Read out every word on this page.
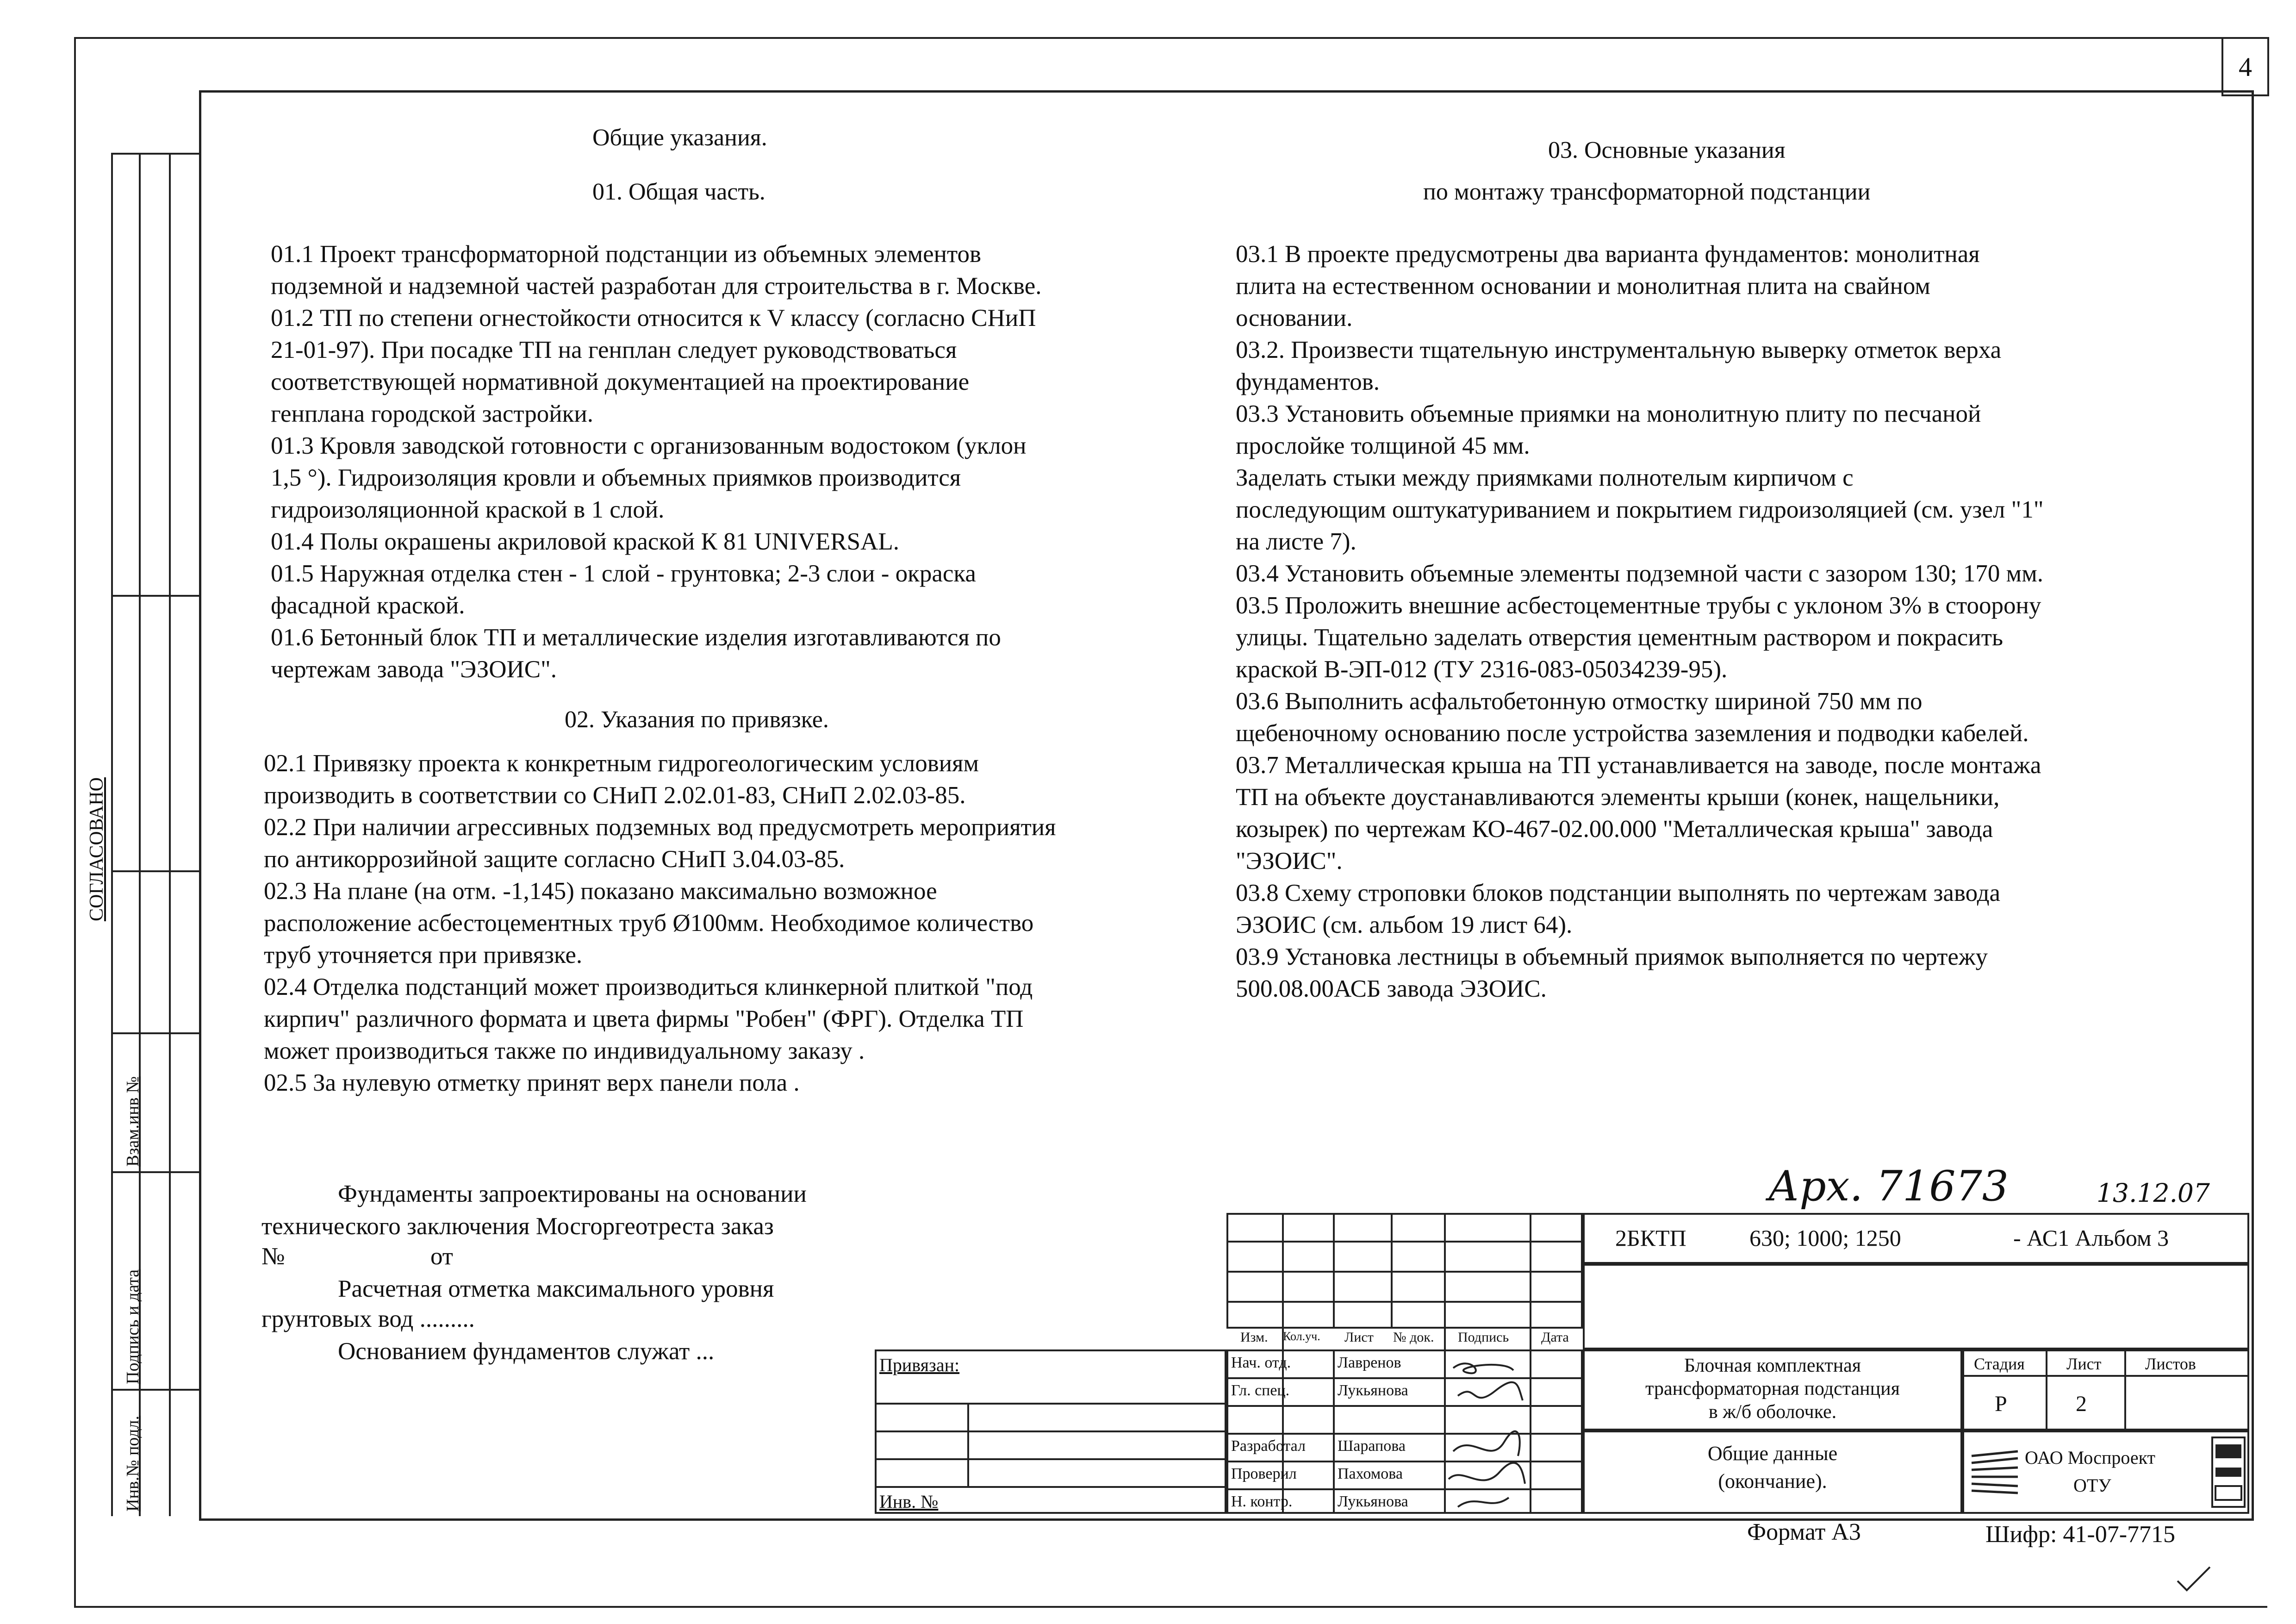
4
СОГЛАСОВАНО
Взам.инв №
Подпись и дата
Инв.№ подл.
Общие указания.
01. Общая часть.
01.1 Проект трансформаторной подстанции из объемных элементов
подземной и надземной частей разработан для строительства в г. Москве.
01.2 ТП по степени огнестойкости относится к V классу (согласно СНиП
21-01-97). При посадке ТП на генплан следует руководствоваться
соответствующей нормативной документацией на проектирование
генплана городской застройки.
01.3 Кровля заводской готовности с организованным водостоком (уклон
1,5 °). Гидроизоляция кровли и объемных приямков производится
гидроизоляционной краской в 1 слой.
01.4 Полы окрашены акриловой краской К 81 UNIVERSAL.
01.5 Наружная отделка стен - 1 слой - грунтовка; 2-3 слои - окраска
фасадной краской.
01.6 Бетонный блок ТП и металлические изделия изготавливаются по
чертежам завода "ЭЗОИС".
02. Указания по привязке.
02.1 Привязку проекта к конкретным гидрогеологическим условиям
производить в соответствии со СНиП 2.02.01-83, СНиП 2.02.03-85.
02.2 При наличии агрессивных подземных вод предусмотреть мероприятия
по антикоррозийной защите согласно СНиП 3.04.03-85.
02.3 На плане (на отм. -1,145) показано максимально возможное
расположение асбестоцементных труб Ø100мм. Необходимое количество
труб уточняется при привязке.
02.4 Отделка подстанций может производиться клинкерной плиткой "под
кирпич" различного формата и цвета фирмы "Робен" (ФРГ). Отделка ТП
может производиться также по индивидуальному заказу .
02.5 За нулевую отметку принят верх панели пола .
Фундаменты запроектированы на основании
технического заключения Мосгоргеотреста заказ
№	от
Расчетная отметка максимального уровня
грунтовых вод .........
Основанием фундаментов служат ...
03. Основные указания
по монтажу трансформаторной подстанции
03.1 В проекте предусмотрены два варианта фундаментов: монолитная
плита на естественном основании и монолитная плита на свайном
основании.
03.2. Произвести тщательную инструментальную выверку отметок верха
фундаментов.
03.3 Установить объемные приямки на монолитную плиту по песчаной
прослойке толщиной 45 мм.
Заделать стыки между приямками полнотелым кирпичом с
последующим оштукатуриванием и покрытием гидроизоляцией (см. узел "1"
на листе 7).
03.4 Установить объемные элементы подземной части с зазором 130; 170 мм.
03.5 Проложить внешние асбестоцементные трубы с уклоном 3% в стоорону
улицы. Тщательно заделать отверстия цементным раствором и покрасить
краской В-ЭП-012 (ТУ 2316-083-05034239-95).
03.6 Выполнить асфальтобетонную отмостку шириной 750 мм по
щебеночному основанию после устройства заземления и подводки кабелей.
03.7 Металлическая крыша на ТП устанавливается на заводе, после монтажа
ТП на объекте доустанавливаются элементы крыши (конек, нащельники,
козырек) по чертежам КО-467-02.00.000 "Металлическая крыша" завода
"ЭЗОИС".
03.8 Схему строповки блоков подстанции выполнять по чертежам завода
ЭЗОИС (см. альбом 19 лист 64).
03.9 Установка лестницы в объемный приямок выполняется по чертежу
500.08.00АСБ завода ЭЗОИС.
Арх. 71673	13.12.07
Изм. Кол.уч. Лист № док. Подпись Дата
Привязан:
Инв. №
Нач. отд.	Лавренов
Гл. спец.	Лукьянова
Разработал Шарапова
Проверил	Пахомова
Н. контр.	Лукьянова
2БКТП	630; 1000; 1250	- АС1 Альбом 3
Блочная комплектная
трансформаторная подстанция
в ж/б оболочке.
Общие данные
(окончание).
Стадия	Лист	Листов
Р	2
ОАО Моспроект
ОТУ
Формат А3	Шифр: 41-07-7715
